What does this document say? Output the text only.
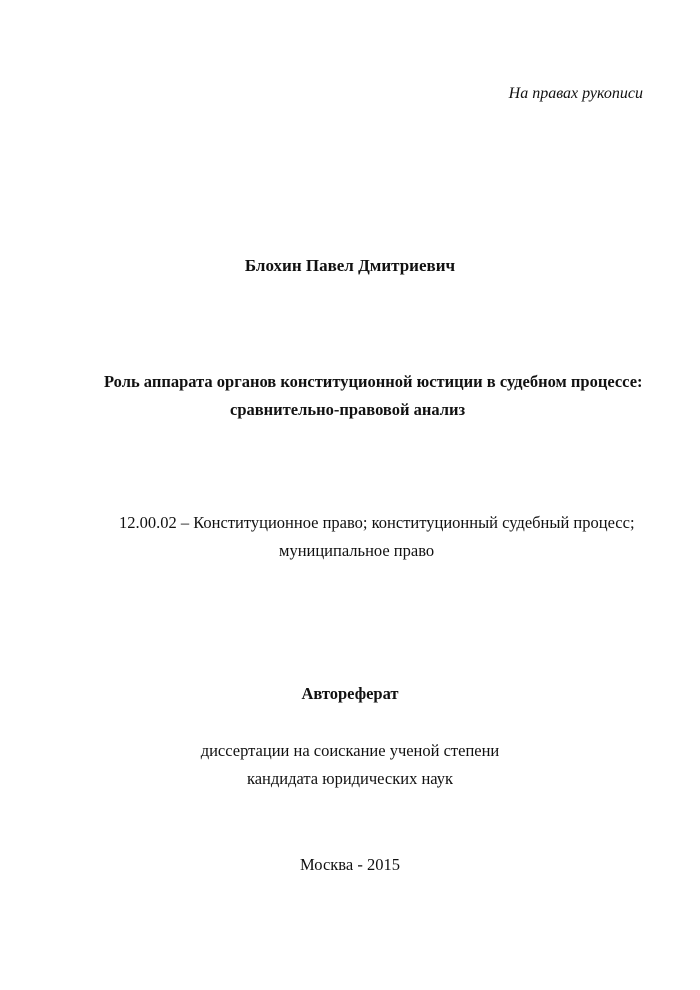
На правах рукописи
Блохин Павел Дмитриевич
Роль аппарата органов конституционной юстиции в судебном процессе:
сравнительно-правовой анализ
12.00.02 – Конституционное право; конституционный судебный процесс;
муниципальное право
Автореферат
диссертации на соискание ученой степени
кандидата юридических наук
Москва - 2015
